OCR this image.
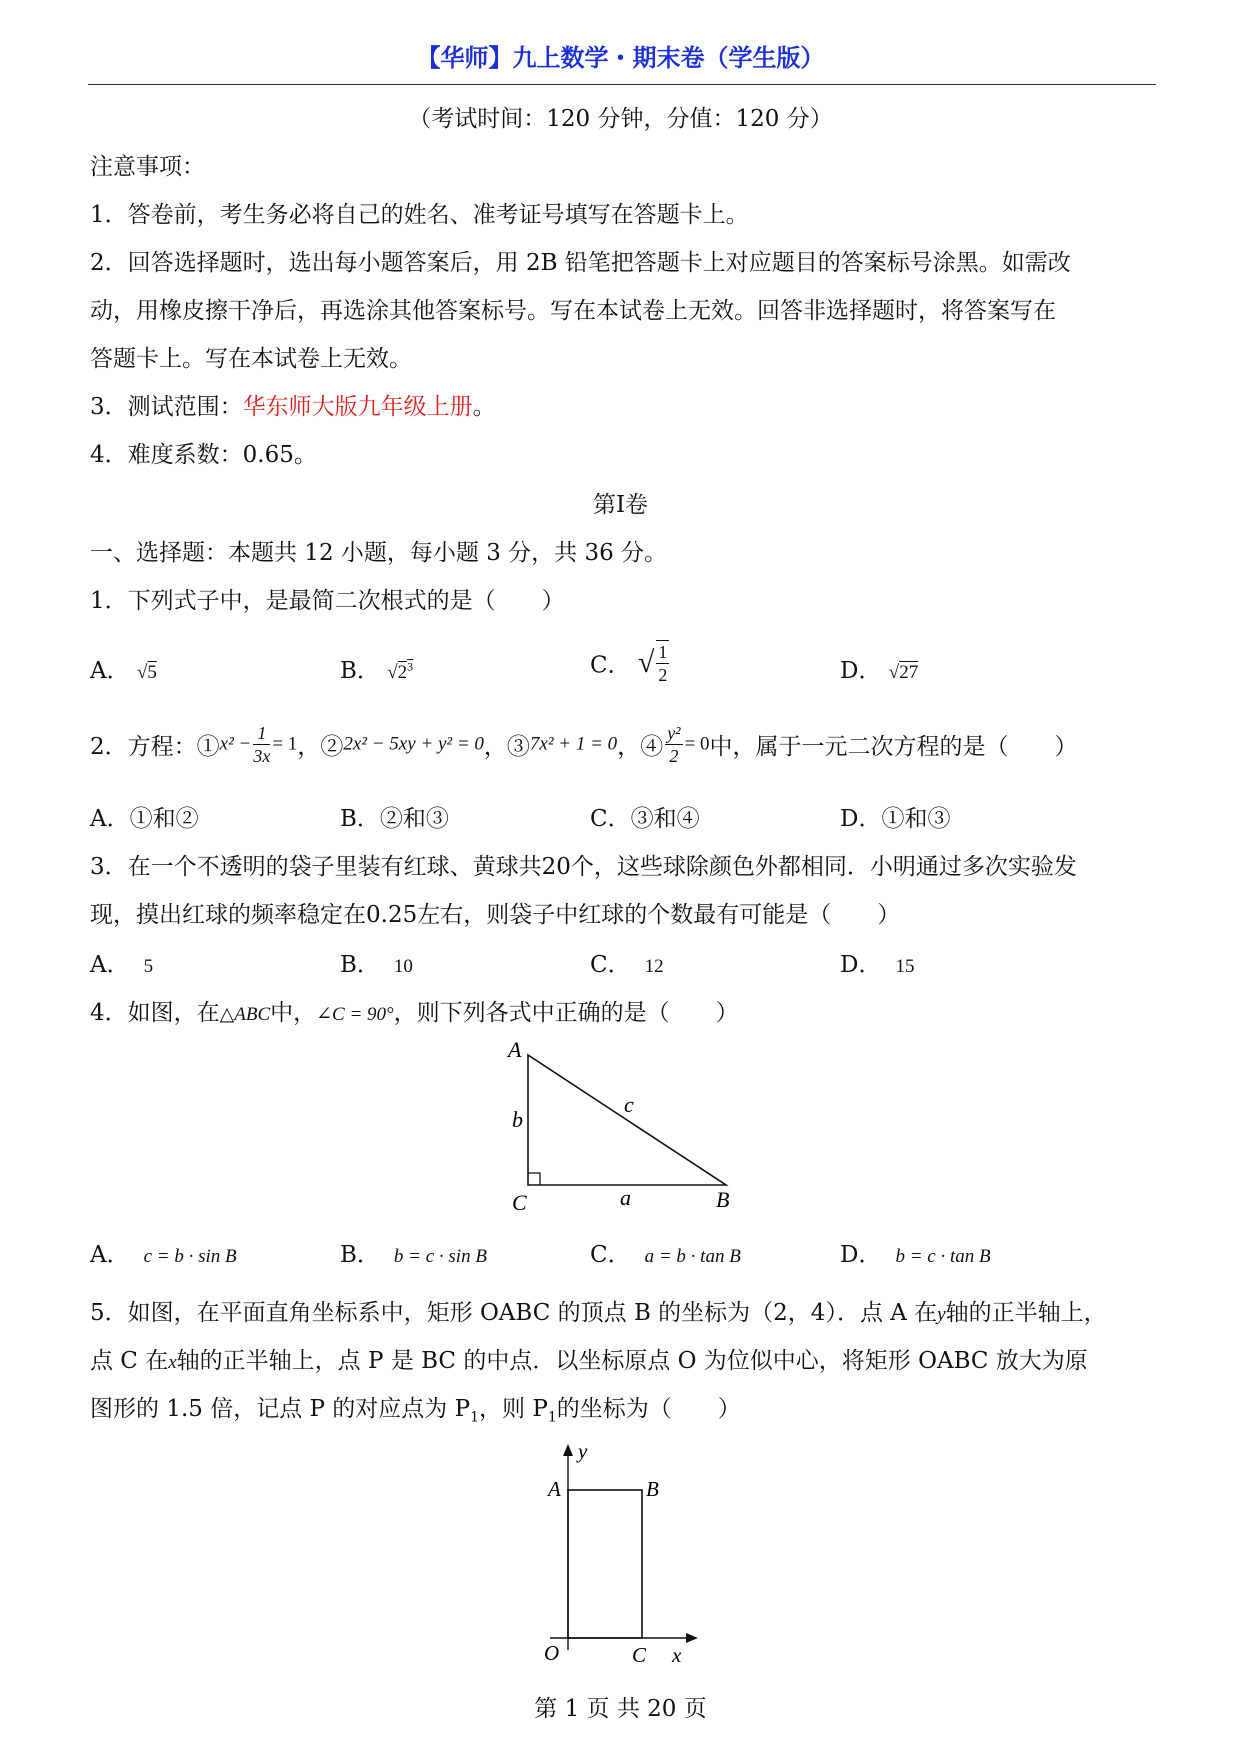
【华师】九上数学・期末卷（学生版）
（考试时间：120 分钟，分值：120 分）
注意事项：
1．答卷前，考生务必将自己的姓名、准考证号填写在答题卡上。
2．回答选择题时，选出每小题答案后，用 2B 铅笔把答题卡上对应题目的答案标号涂黑。如需改
动，用橡皮擦干净后，再选涂其他答案标号。写在本试卷上无效。回答非选择题时，将答案写在
答题卡上。写在本试卷上无效。
3．测试范围：华东师大版九年级上册。
4．难度系数：0.65。
第Ⅰ卷
一、选择题：本题共 12 小题，每小题 3 分，共 36 分。
1．下列式子中，是最简二次根式的是（　　）
A． √5	B． $√2^3$	C． √ $\frac{1}{2}$	D． √27
2．方程：①x² − $\frac{1}{3x} = 1$，②2x² − 5xy + y² = 0，③7x² + 1 = 0，④ $\frac{\text{y²}}{2} = 0$中，属于一元二次方程的是（　　）
A．①和②	B．②和③	C．③和④	D．①和③
3．在一个不透明的袋子里装有红球、黄球共20个，这些球除颜色外都相同．小明通过多次实验发
现，摸出红球的频率稳定在0.25左右，则袋子中红球的个数最有可能是（　　）
A． 5	B． 10	C． 12	D． 15
4．如图，在△ABC中，∠C = 90°，则下列各式中正确的是（　　）
A
b
c
C	a	B
A． c = b · sin B	B． b = c · sin B	C． a = b · tan B	D． b = c · tan B
5．如图，在平面直角坐标系中，矩形 OABC 的顶点 B 的坐标为（2，4）．点 A 在y轴的正半轴上，
点 C 在x轴的正半轴上，点 P 是 BC 的中点．以坐标原点 O 为位似中心，将矩形 OABC 放大为原
图形的 1.5 倍，记点 P 的对应点为 $P_1$，则 $P_1$的坐标为（　　）
y
A	B
O	C x
第 1 页 共 20 页
